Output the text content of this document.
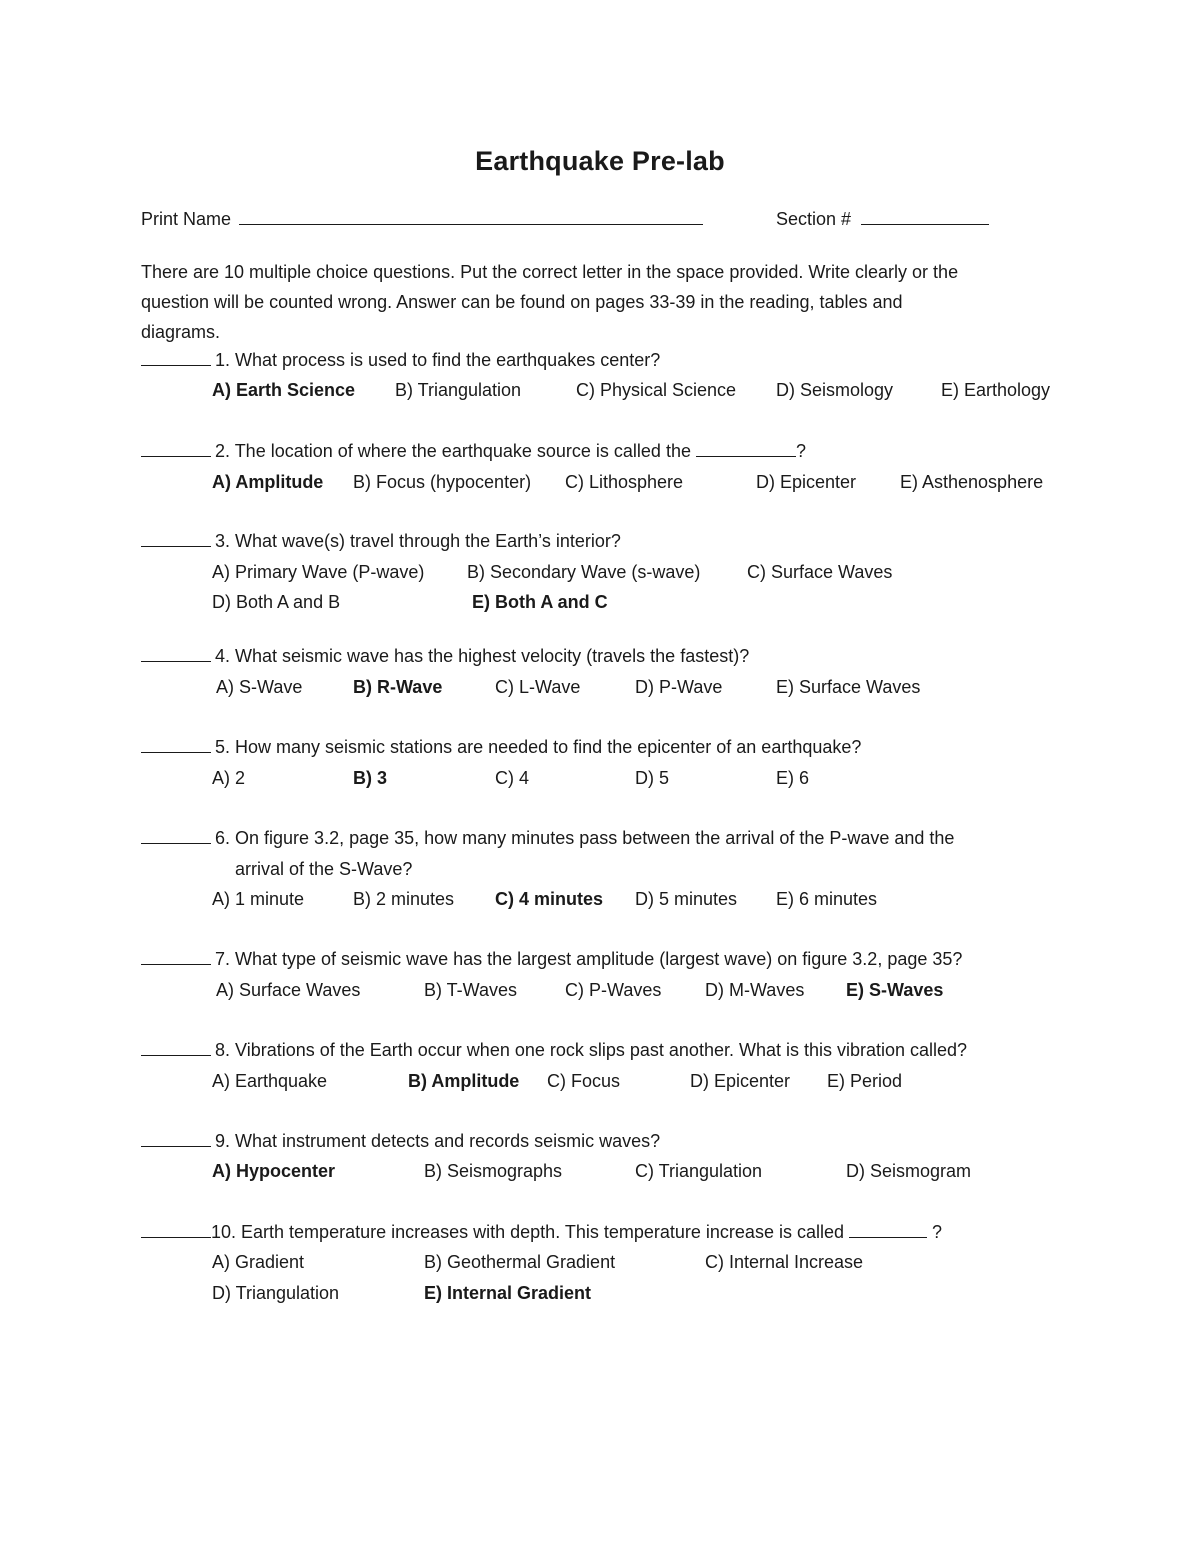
Earthquake Pre-lab
Print Name	Section #
There are 10 multiple choice questions. Put the correct letter in the space provided. Write clearly or the
question will be counted wrong. Answer can be found on pages 33-39 in the reading, tables and
diagrams.
1. What process is used to find the earthquakes center?
A) Earth Science B) Triangulation	C) Physical Science D) Seismology	E) Earthology
2. The location of where the earthquake source is called the	?
A) Amplitude B) Focus (hypocenter) C) Lithosphere	D) Epicenter E) Asthenosphere
3. What wave(s) travel through the Earth’s interior?
A) Primary Wave (P-wave) B) Secondary Wave (s-wave)	C) Surface Waves
D) Both A and B	E) Both A and C
4. What seismic wave has the highest velocity (travels the fastest)?
A) S-Wave	B) R-Wave	C) L-Wave	D) P-Wave	E) Surface Waves
5. How many seismic stations are needed to find the epicenter of an earthquake?
A) 2	B) 3	C) 4	D) 5	E) 6
6. On figure 3.2, page 35, how many minutes pass between the arrival of the P-wave and the
arrival of the S-Wave?
A) 1 minute	B) 2 minutes C) 4 minutes D) 5 minutes E) 6 minutes
7. What type of seismic wave has the largest amplitude (largest wave) on figure 3.2, page 35?
A) Surface Waves	B) T-Waves	C) P-Waves D) M-Waves E) S-Waves
8. Vibrations of the Earth occur when one rock slips past another. What is this vibration called?
A) Earthquake	B) Amplitude C) Focus	D) Epicenter E) Period
9. What instrument detects and records seismic waves?
A) Hypocenter	B) Seismographs	C) Triangulation	D) Seismogram
10. Earth temperature increases with depth. This temperature increase is called	?
A) Gradient	B) Geothermal Gradient	C) Internal Increase
D) Triangulation	E) Internal Gradient
